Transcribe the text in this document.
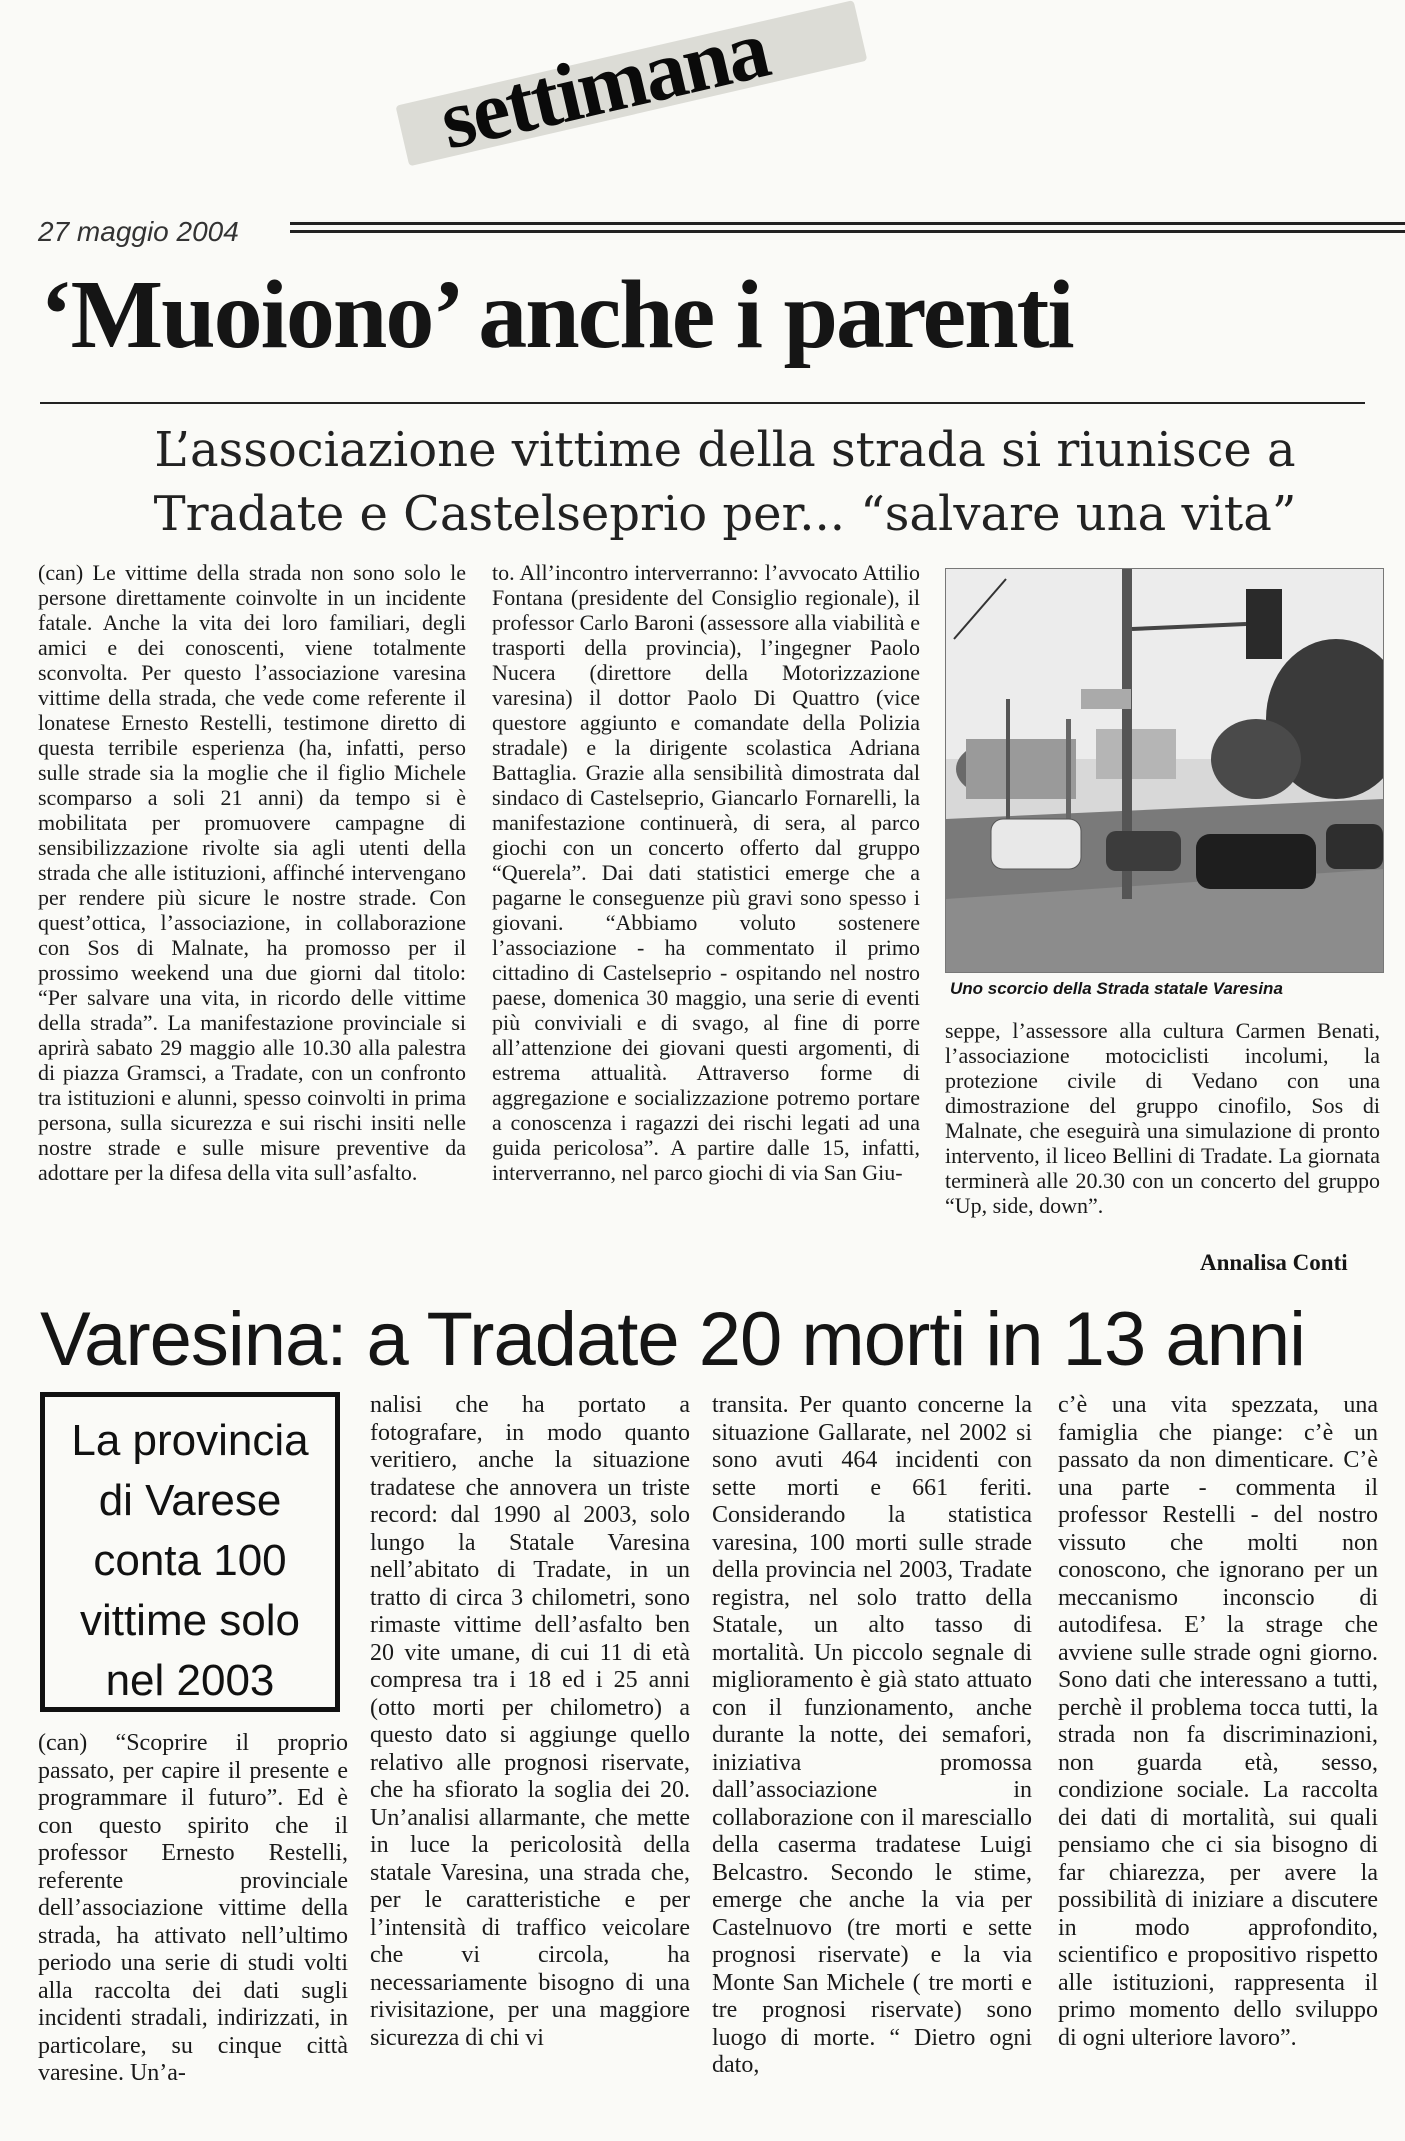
settimana
27 maggio 2004
‘Muoiono’ anche i parenti
L’associazione vittime della strada si riunisce a Tradate e Castelseprio per... “salvare una vita”

(can) Le vittime della strada non sono solo le persone direttamente coinvolte in un incidente fatale. Anche la vita dei loro familiari, degli amici e dei conoscenti, viene totalmente sconvolta. Per questo l’associazione varesina vittime della strada, che vede come referente il lonatese Ernesto Restelli, testimone diretto di questa terribile esperienza (ha, infatti, perso sulle strade sia la moglie che il figlio Michele scomparso a soli 21 anni) da tempo si è mobilitata per promuovere campagne di sensibilizzazione rivolte sia agli utenti della strada che alle istituzioni, affinché intervengano per rendere più sicure le nostre strade. Con quest’ottica, l’associazione, in collaborazione con Sos di Malnate, ha promosso per il prossimo weekend una due giorni dal titolo: “Per salvare una vita, in ricordo delle vittime della strada”. La manifestazione provinciale si aprirà sabato 29 maggio alle 10.30 alla palestra di piazza Gramsci, a Tradate, con un confronto tra istituzioni e alunni, spesso coinvolti in prima persona, sulla sicurezza e sui rischi insiti nelle nostre strade e sulle misure preventive da adottare per la difesa della vita sull’asfalto.

to. All’incontro interverranno: l’avvocato Attilio Fontana (presidente del Consiglio regionale), il professor Carlo Baroni (assessore alla viabilità e trasporti della provincia), l’ingegner Paolo Nucera (direttore della Motorizzazione varesina) il dottor Paolo Di Quattro (vice questore aggiunto e comandate della Polizia stradale) e la dirigente scolastica Adriana Battaglia. Grazie alla sensibilità dimostrata dal sindaco di Castelseprio, Giancarlo Fornarelli, la manifestazione continuerà, di sera, al parco giochi con un concerto offerto dal gruppo “Querela”. Dai dati statistici emerge che a pagarne le conseguenze più gravi sono spesso i giovani. “Abbiamo voluto sostenere l’associazione - ha commentato il primo cittadino di Castelseprio - ospitando nel nostro paese, domenica 30 maggio, una serie di eventi più conviviali e di svago, al fine di porre all’attenzione dei giovani questi argomenti, di estrema attualità. Attraverso forme di aggregazione e socializzazione potremo portare a conoscenza i ragazzi dei rischi legati ad una guida pericolosa”. A partire dalle 15, infatti, interverranno, nel parco giochi di via San Giu-

Uno scorcio della Strada statale Varesina

seppe, l’assessore alla cultura Carmen Benati, l’associazione motociclisti incolumi, la protezione civile di Vedano con una dimostrazione del gruppo cinofilo, Sos di Malnate, che eseguirà una simulazione di pronto intervento, il liceo Bellini di Tradate. La giornata terminerà alle 20.30 con un concerto del gruppo “Up, side, down”.

Annalisa Conti
Varesina: a Tradate 20 morti in 13 anni
La provincia di Varese conta 100 vittime solo nel 2003

(can) “Scoprire il proprio passato, per capire il presente e programmare il futuro”. Ed è con questo spirito che il professor Ernesto Restelli, referente provinciale dell’associazione vittime della strada, ha attivato nell’ultimo periodo una serie di studi volti alla raccolta dei dati sugli incidenti stradali, indirizzati, in particolare, su cinque città varesine. Un’a-

nalisi che ha portato a fotografare, in modo quanto veritiero, anche la situazione tradatese che annovera un triste record: dal 1990 al 2003, solo lungo la Statale Varesina nell’abitato di Tradate, in un tratto di circa 3 chilometri, sono rimaste vittime dell’asfalto ben 20 vite umane, di cui 11 di età compresa tra i 18 ed i 25 anni (otto morti per chilometro) a questo dato si aggiunge quello relativo alle prognosi riservate, che ha sfiorato la soglia dei 20. Un’analisi allarmante, che mette in luce la pericolosità della statale Varesina, una strada che, per le caratteristiche e per l’intensità di traffico veicolare che vi circola, ha necessariamente bisogno di una rivisitazione, per una maggiore sicurezza di chi vi

transita. Per quanto concerne la situazione Gallarate, nel 2002 si sono avuti 464 incidenti con sette morti e 661 feriti. Considerando la statistica varesina, 100 morti sulle strade della provincia nel 2003, Tradate registra, nel solo tratto della Statale, un alto tasso di mortalità. Un piccolo segnale di miglioramento è già stato attuato con il funzionamento, anche durante la notte, dei semafori, iniziativa promossa dall’associazione in collaborazione con il maresciallo della caserma tradatese Luigi Belcastro. Secondo le stime, emerge che anche la via per Castelnuovo (tre morti e sette prognosi riservate) e la via Monte San Michele ( tre morti e tre prognosi riservate) sono luogo di morte. “ Dietro ogni dato,

c’è una vita spezzata, una famiglia che piange: c’è un passato da non dimenticare. C’è una parte - commenta il professor Restelli - del nostro vissuto che molti non conoscono, che ignorano per un meccanismo inconscio di autodifesa. E’ la strage che avviene sulle strade ogni giorno. Sono dati che interessano a tutti, perchè il problema tocca tutti, la strada non fa discriminazioni, non guarda età, sesso, condizione sociale. La raccolta dei dati di mortalità, sui quali pensiamo che ci sia bisogno di far chiarezza, per avere la possibilità di iniziare a discutere in modo approfondito, scientifico e propositivo rispetto alle istituzioni, rappresenta il primo momento dello sviluppo di ogni ulteriore lavoro”.
